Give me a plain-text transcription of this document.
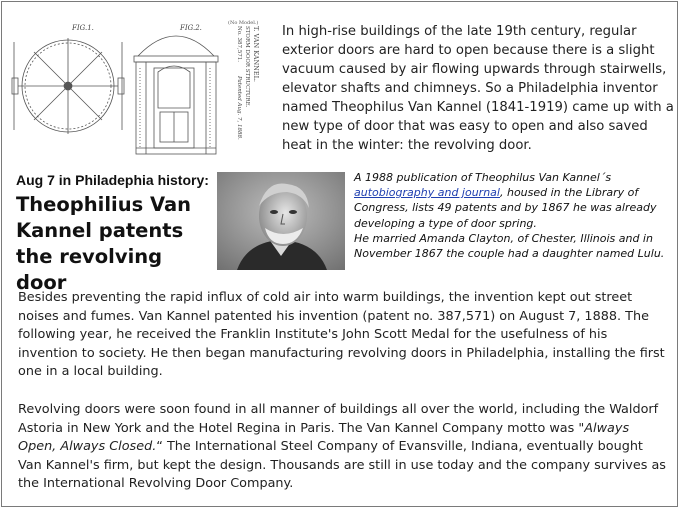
FIG.1.	FIG.2.	T. VAN KANNEL.
STORM DOOR STRUCTURE.
No. 387,571.
Patented Aug. 7, 1888.
(No Model.)
In high-rise buildings of the late 19th century, regular exterior doors are hard to open because there is a slight vacuum caused by air flowing upwards through stairwells, elevator shafts and chimneys. So a Philadelphia inventor named Theophilus Van Kannel (1841-1919) came up with a new type of door that was easy to open and also saved heat in the winter: the revolving door.
Aug 7 in Philadephia history:
Theophilius Van Kannel patents the revolving door
A 1988 publication of Theophilus Van Kannel´s autobiography and journal, housed in the Library of Congress, lists 49 patents and by 1867 he was already developing a type of door spring.
He married Amanda Clayton, of Chester, Illinois and in November 1867 the couple had a daughter named Lulu.
Besides preventing the rapid influx of cold air into warm buildings, the invention kept out street noises and fumes. Van Kannel patented his invention (patent no. 387,571) on August 7, 1888. The following year, he received the Franklin Institute's John Scott Medal for the usefulness of his invention to society. He then began manufacturing revolving doors in Philadelphia, installing the first one in a local building.
Revolving doors were soon found in all manner of buildings all over the world, including the Waldorf Astoria in New York and the Hotel Regina in Paris. The Van Kannel Company motto was "Always Open, Always Closed.“ The International Steel Company of Evansville, Indiana, eventually bought Van Kannel's firm, but kept the design. Thousands are still in use today and the company survives as the International Revolving Door Company.
